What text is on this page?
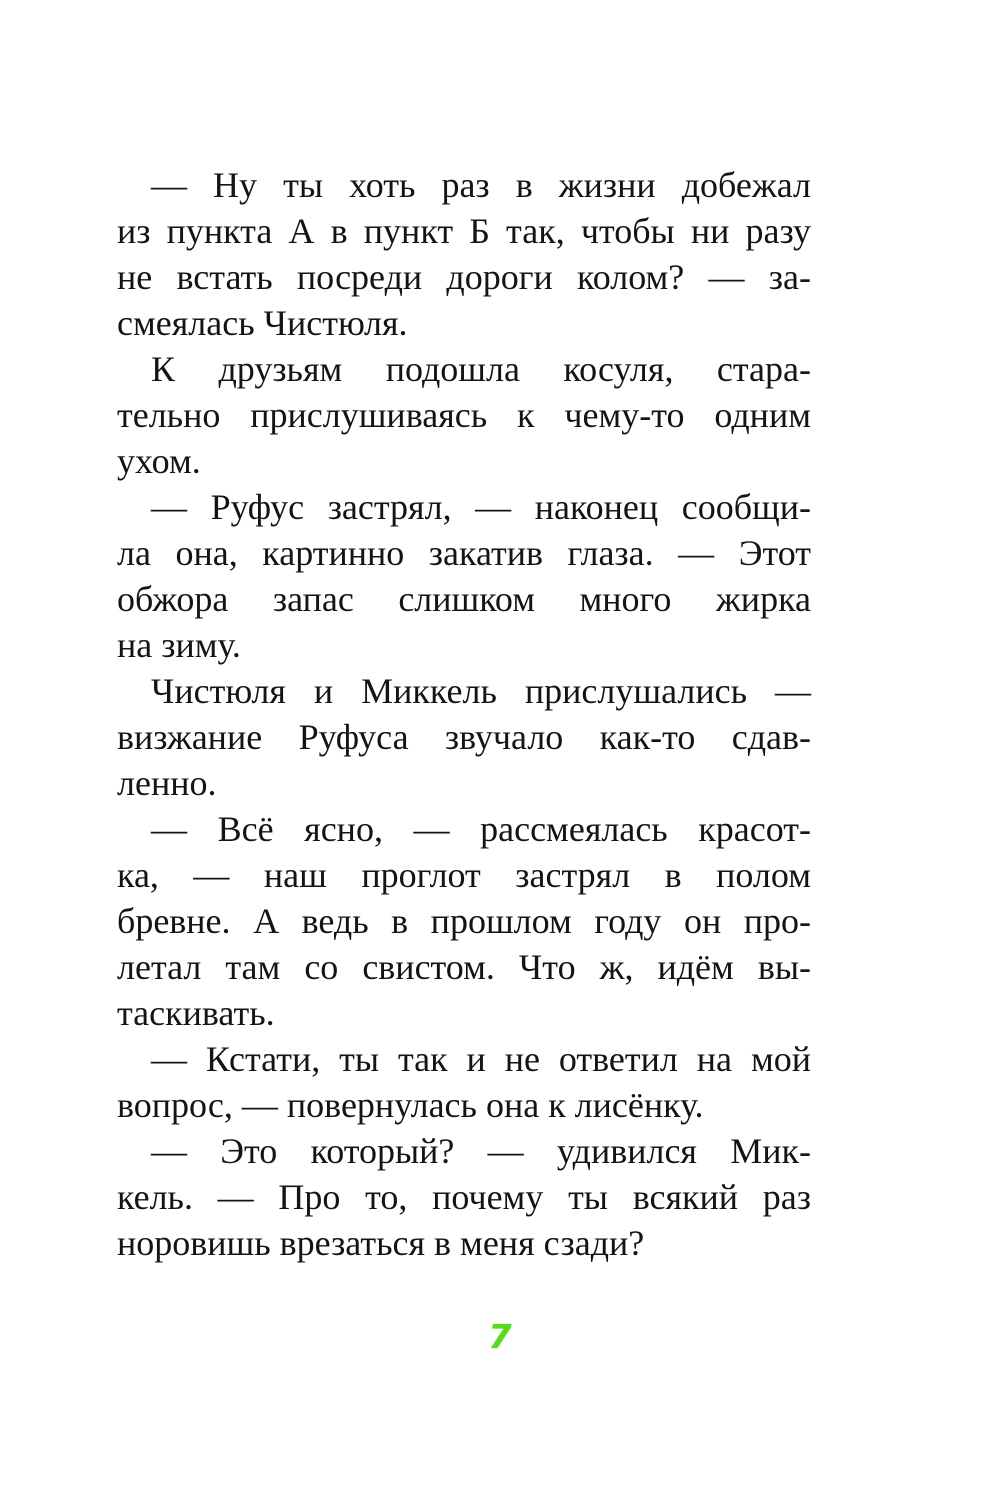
— Ну ты хоть раз в жизни добежал
из пункта А в пункт Б так, чтобы ни разу
не встать посреди дороги колом? — за-
смеялась Чистюля.
К друзьям подошла косуля, стара-
тельно прислушиваясь к чему-то одним
ухом.
— Руфус застрял, — наконец сообщи-
ла она, картинно закатив глаза. — Этот
обжора запас слишком много жирка
на зиму.
Чистюля и Миккель прислушались —
визжание Руфуса звучало как-то сдав-
ленно.
— Всё ясно, — рассмеялась красот-
ка, — наш проглот застрял в полом
бревне. А ведь в прошлом году он про-
летал там со свистом. Что ж, идём вы-
таскивать.
— Кстати, ты так и не ответил на мой
вопрос, — повернулась она к лисёнку.
— Это который? — удивился Мик-
кель. — Про то, почему ты всякий раз
норовишь врезаться в меня сзади?
7
